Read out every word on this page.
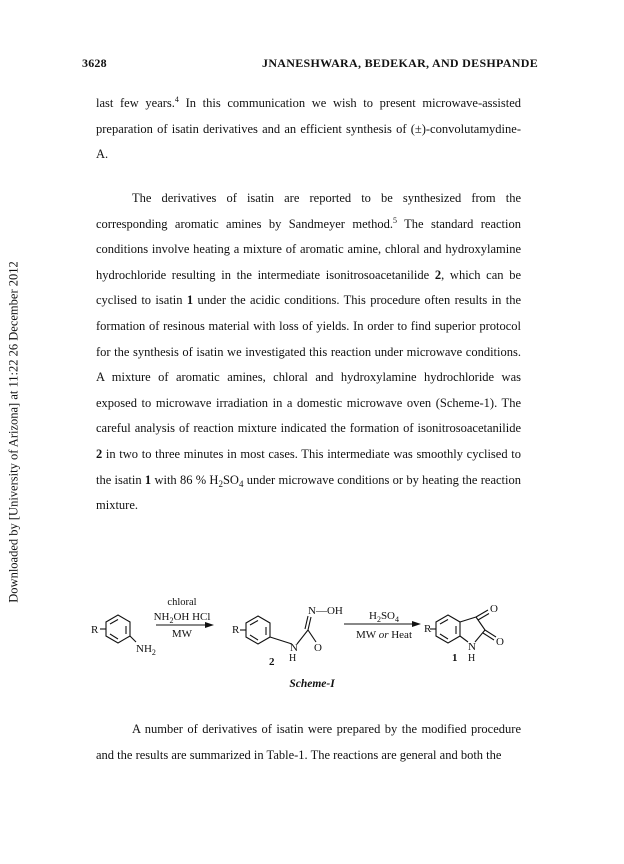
3628	JNANESHWARA, BEDEKAR, AND DESHPANDE
Downloaded by [University of Arizona] at 11:22 26 December 2012

last few years.$^4$ In this communication we wish to present microwave-assisted preparation of isatin derivatives and an efficient synthesis of (±)-convolutamydine-A.

The derivatives of isatin are reported to be synthesized from the corresponding aromatic amines by Sandmeyer method.$^5$ The standard reaction conditions involve heating a mixture of aromatic amine, chloral and hydroxylamine hydrochloride resulting in the intermediate isonitrosoacetanilide 2, which can be cyclised to isatin 1 under the acidic conditions. This procedure often results in the formation of resinous material with loss of yields. In order to find superior protocol for the synthesis of isatin we investigated this reaction under microwave conditions. A mixture of aromatic amines, chloral and hydroxylamine hydrochloride was exposed to microwave irradiation in a domestic microwave oven (Scheme-1). The careful analysis of reaction mixture indicated the formation of isonitrosoacetanilide 2 in two to three minutes in most cases. This intermediate was smoothly cyclised to the isatin 1 with 86 % $H_2SO_4$ under microwave conditions or by heating the reaction mixture.

R
$NH_2$
chloral
$NH_2OH$ HCl
MW	R
N—OH
N
H
O
2
$H_2SO_4$
MW or Heat R
O
O
N
H
1
Scheme-I

A number of derivatives of isatin were prepared by the modified procedure and the results are summarized in Table-1. The reactions are general and both the
